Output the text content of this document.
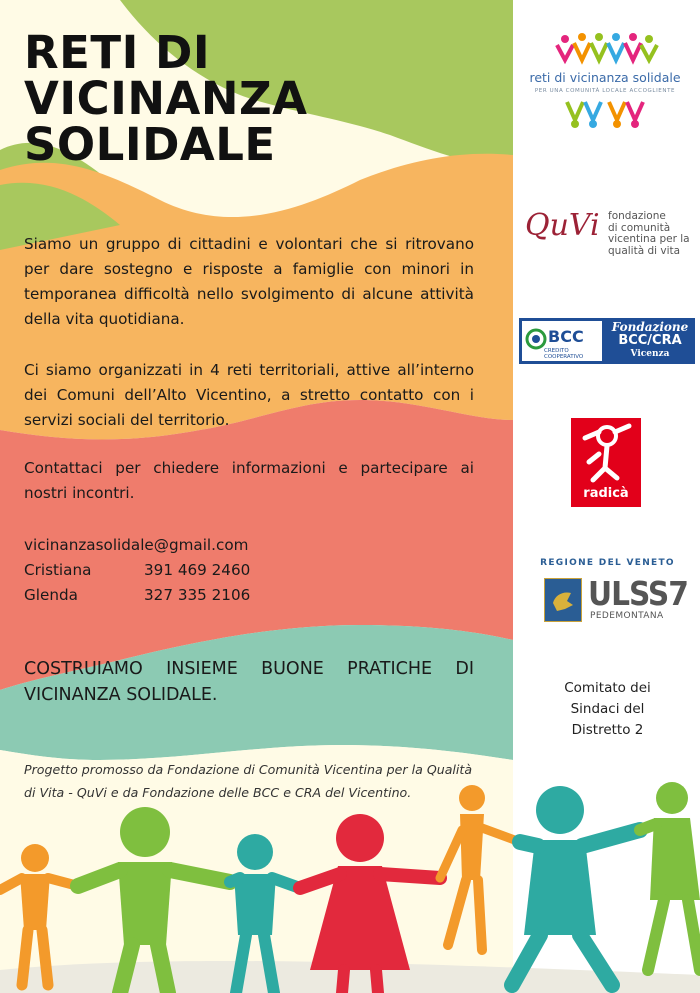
RETI DI
VICINANZA
SOLIDALE

Siamo un gruppo di cittadini e volontari che si ritrovano per dare sostegno e risposte a famiglie con minori in temporanea difficoltà nello svolgimento di alcune attività della vita quotidiana.

Ci siamo organizzati in 4 reti territoriali, attive all’interno dei Comuni dell’Alto Vicentino, a stretto contatto con i servizi sociali del territorio.

Contattaci per chiedere informazioni e partecipare ai nostri incontri.

vicinanzasolidale@gmail.com
Cristiana	391 469 2460
Glenda	327 335 2106

COSTRUIAMO INSIEME BUONE PRATICHE DI VICINANZA SOLIDALE.

Progetto promosso da Fondazione di Comunità Vicentina per la Qualità di Vita - QuVi e da Fondazione delle BCC e CRA del Vicentino.

reti di vicinanza solidale
PER UNA COMUNITÀ LOCALE ACCOGLIENTE
QuVi fondazione
di comunità
vicentina per la
qualità di vita
BCC
CREDITO COOPERATIVO
Fondazione
BCC/CRA
Vicenza
radicà
REGIONE DEL VENETO
ULSS7
PEDEMONTANA
Comitato dei
Sindaci del
Distretto 2
